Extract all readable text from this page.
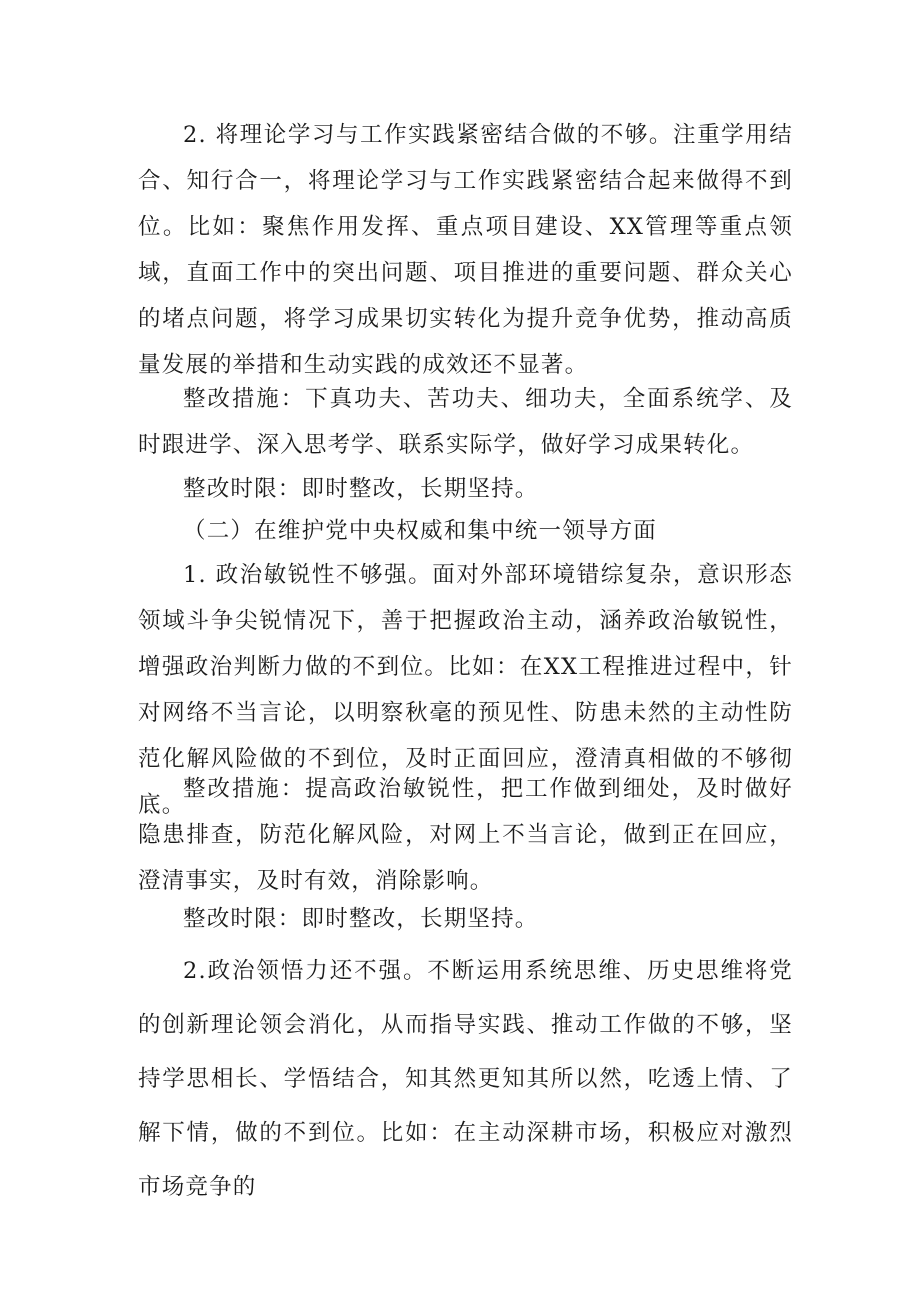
2. 将理论学习与工作实践紧密结合做的不够。注重学用结合、知行合一，将理论学习与工作实践紧密结合起来做得不到位。比如：聚焦作用发挥、重点项目建设、XX管理等重点领域，直面工作中的突出问题、项目推进的重要问题、群众关心的堵点问题，将学习成果切实转化为提升竞争优势，推动高质量发展的举措和生动实践的成效还不显著。

整改措施：下真功夫、苦功夫、细功夫，全面系统学、及时跟进学、深入思考学、联系实际学，做好学习成果转化。

整改时限：即时整改，长期坚持。

（二）在维护党中央权威和集中统一领导方面

1. 政治敏锐性不够强。面对外部环境错综复杂，意识形态领域斗争尖锐情况下，善于把握政治主动，涵养政治敏锐性，增强政治判断力做的不到位。比如：在XX工程推进过程中，针对网络不当言论，以明察秋毫的预见性、防患未然的主动性防范化解风险做的不到位，及时正面回应，澄清真相做的不够彻底。

整改措施：提高政治敏锐性，把工作做到细处，及时做好隐患排查，防范化解风险，对网上不当言论，做到正在回应，澄清事实，及时有效，消除影响。

整改时限：即时整改，长期坚持。

2.政治领悟力还不强。不断运用系统思维、历史思维将党的创新理论领会消化，从而指导实践、推动工作做的不够，坚持学思相长、学悟结合，知其然更知其所以然，吃透上情、了解下情，做的不到位。比如：在主动深耕市场，积极应对激烈市场竞争的
